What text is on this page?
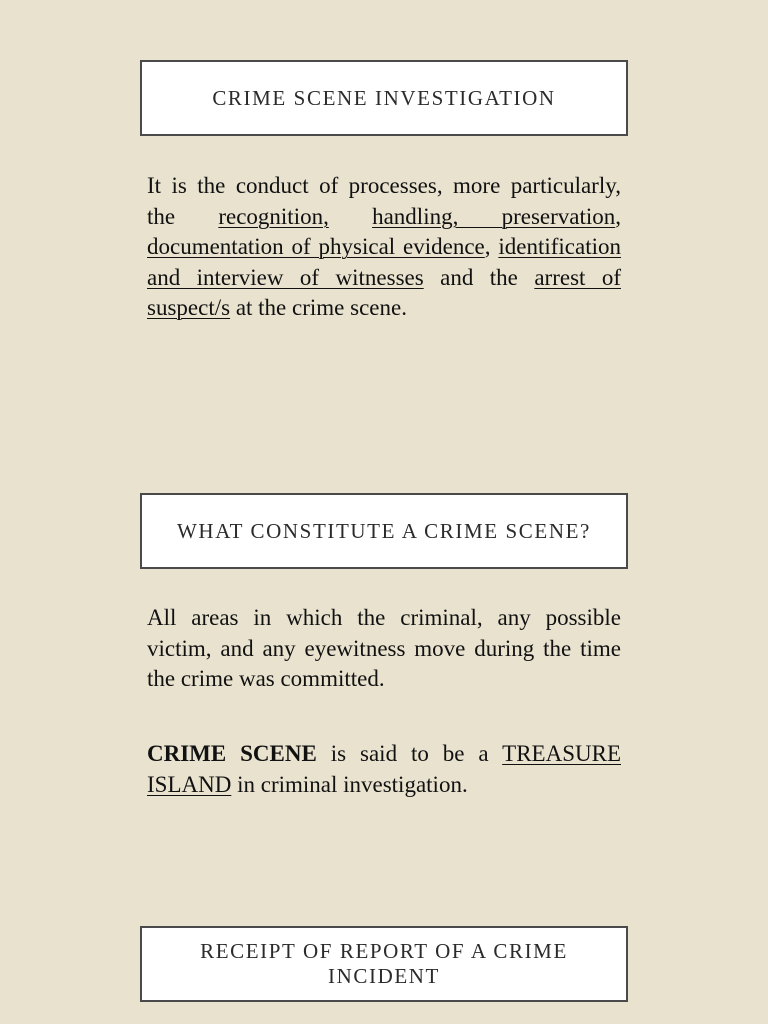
CRIME SCENE INVESTIGATION

It is the conduct of processes, more particularly, the recognition, handling, preservation, documentation of physical evidence, identification and interview of witnesses and the arrest of suspect/s at the crime scene.

WHAT CONSTITUTE A CRIME SCENE?

All areas in which the criminal, any possible victim, and any eyewitness move during the time the crime was committed.

CRIME SCENE is said to be a TREASURE ISLAND in criminal investigation.

RECEIPT OF REPORT OF A CRIME INCIDENT
